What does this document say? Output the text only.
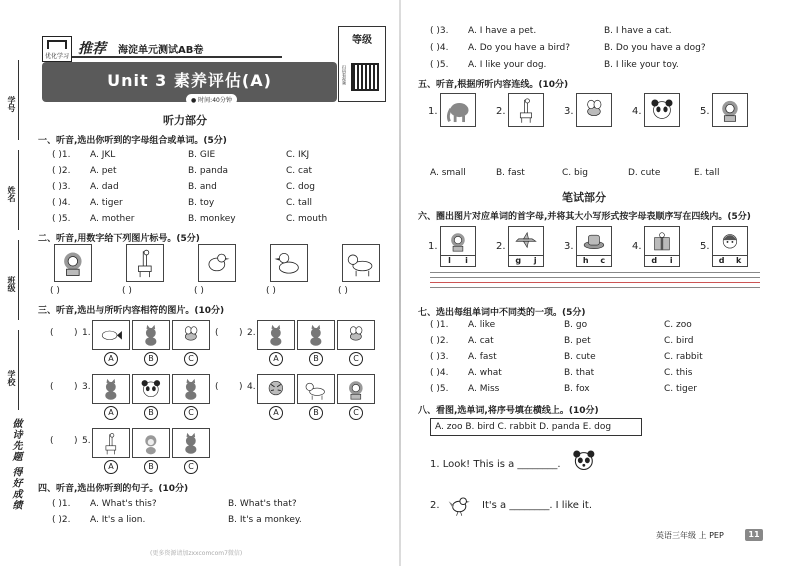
学号
姓名
班级
学校
做诗先题 得好成绩
优化学习 推荐 海淀单元测试AB卷
Unit 3 素养评估(A)
● 时间:40分钟
等级
扫码看视频
听力部分
一、听音,选出你听到的字母组合或单词。(5分)
( )1. A. JKL	B. GIE	C. IKJ
( )2. A. pet	B. panda	C. cat
( )3. A. dad	B. and	C. dog
( )4. A. tiger	B. toy	C. tall
( )5. A. mother	B. monkey	C. mouth
二、听音,用数字给下列图片标号。(5分)
( )	( )	( )	( )	( )
三、听音,选出与所听内容相符的图片。(10分)
( ) 1.
A	B	C
( ) 2.
A	B	C
( ) 3.
A	B	C
( ) 4.
A	B	C
( ) 5.
A	B	C
四、听音,选出你听到的句子。(10分)
( )1. A. What's this?	B. What's that?
( )2. A. It's a lion.	B. It's a monkey.
(更多资源请加zxxcomcom7微信)
( )3. A. I have a pet.	B. I have a cat.
( )4. A. Do you have a bird?	B. Do you have a dog?
( )5. A. I like your dog.	B. I like your toy.
五、听音,根据所听内容连线。(10分)
1.	2.	3.	4.	5.
A. small	B. fast	C. big	D. cute	E. tall
笔试部分
六、圈出图片对应单词的首字母,并将其大小写形式按字母表顺序写在四线内。(5分)
1.
l i
2.
g j
3.
h c
4.
d i
5.
d k
七、选出每组单词中不同类的一项。(5分)
( )1. A. like	B. go	C. zoo
( )2. A. cat	B. pet	C. bird
( )3. A. fast	B. cute	C. rabbit
( )4. A. what	B. that	C. this
( )5. A. Miss	B. fox	C. tiger
八、看图,选单词,将序号填在横线上。(10分)
A. zoo B. bird C. rabbit D. panda E. dog
1. Look! This is a ________.
2.	It's a ________. I like it.
英语三年级 上 PEP	11
